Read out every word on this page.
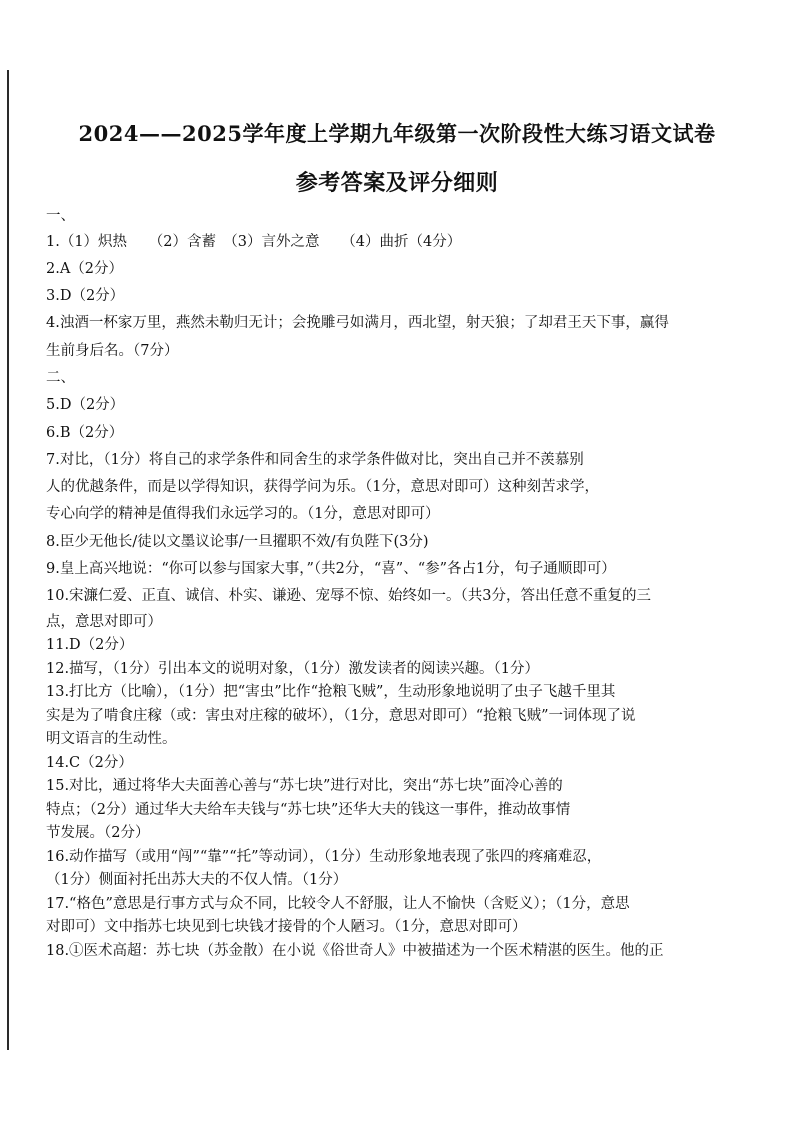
2024——2025学年度上学期九年级第一次阶段性大练习语文试卷
参考答案及评分细则
一、
1.（1）炽热　　（2）含蓄　（3）言外之意　　（4）曲折（4分）
2.A（2分）
3.D（2分）
4.浊酒一杯家万里，燕然未勒归无计；会挽雕弓如满月，西北望，射天狼；了却君王天下事，赢得
生前身后名。（7分）
二、
5.D（2分）
6.B（2分）
7.对比，（1分）将自己的求学条件和同舍生的求学条件做对比，突出自己并不羡慕别
人的优越条件，而是以学得知识，获得学问为乐。（1分，意思对即可）这种刻苦求学，
专心向学的精神是值得我们永远学习的。（1分，意思对即可）
8.臣少无他长/徒以文墨议论事/一旦擢职不效/有负陛下(3分)
9.皇上高兴地说：“你可以参与国家大事，”（共2分，“喜”、“参”各占1分，句子通顺即可）
10.宋濂仁爱、正直、诚信、朴实、谦逊、宠辱不惊、始终如一。（共3分，答出任意不重复的三
点，意思对即可）
11.D（2分）
12.描写，（1分）引出本文的说明对象，（1分）激发读者的阅读兴趣。（1分）
13.打比方（比喻），（1分）把“害虫”比作“抢粮飞贼”，生动形象地说明了虫子飞越千里其
实是为了啃食庄稼（或：害虫对庄稼的破坏），（1分，意思对即可）“抢粮飞贼”一词体现了说
明文语言的生动性。
14.C（2分）
15.对比，通过将华大夫面善心善与“苏七块”进行对比，突出“苏七块”面冷心善的
特点；（2分）通过华大夫给车夫钱与“苏七块”还华大夫的钱这一事件，推动故事情
节发展。（2分）
16.动作描写（或用“闯”“靠”“托”等动词），（1分）生动形象地表现了张四的疼痛难忍，
（1分）侧面衬托出苏大夫的不仅人情。（1分）
17.“格色”意思是行事方式与众不同，比较令人不舒服，让人不愉快（含贬义）；（1分，意思
对即可）文中指苏七块见到七块钱才接骨的个人陋习。（1分，意思对即可）
18.①医术高超：苏七块（苏金散）在小说《俗世奇人》中被描述为一个医术精湛的医生。他的正
